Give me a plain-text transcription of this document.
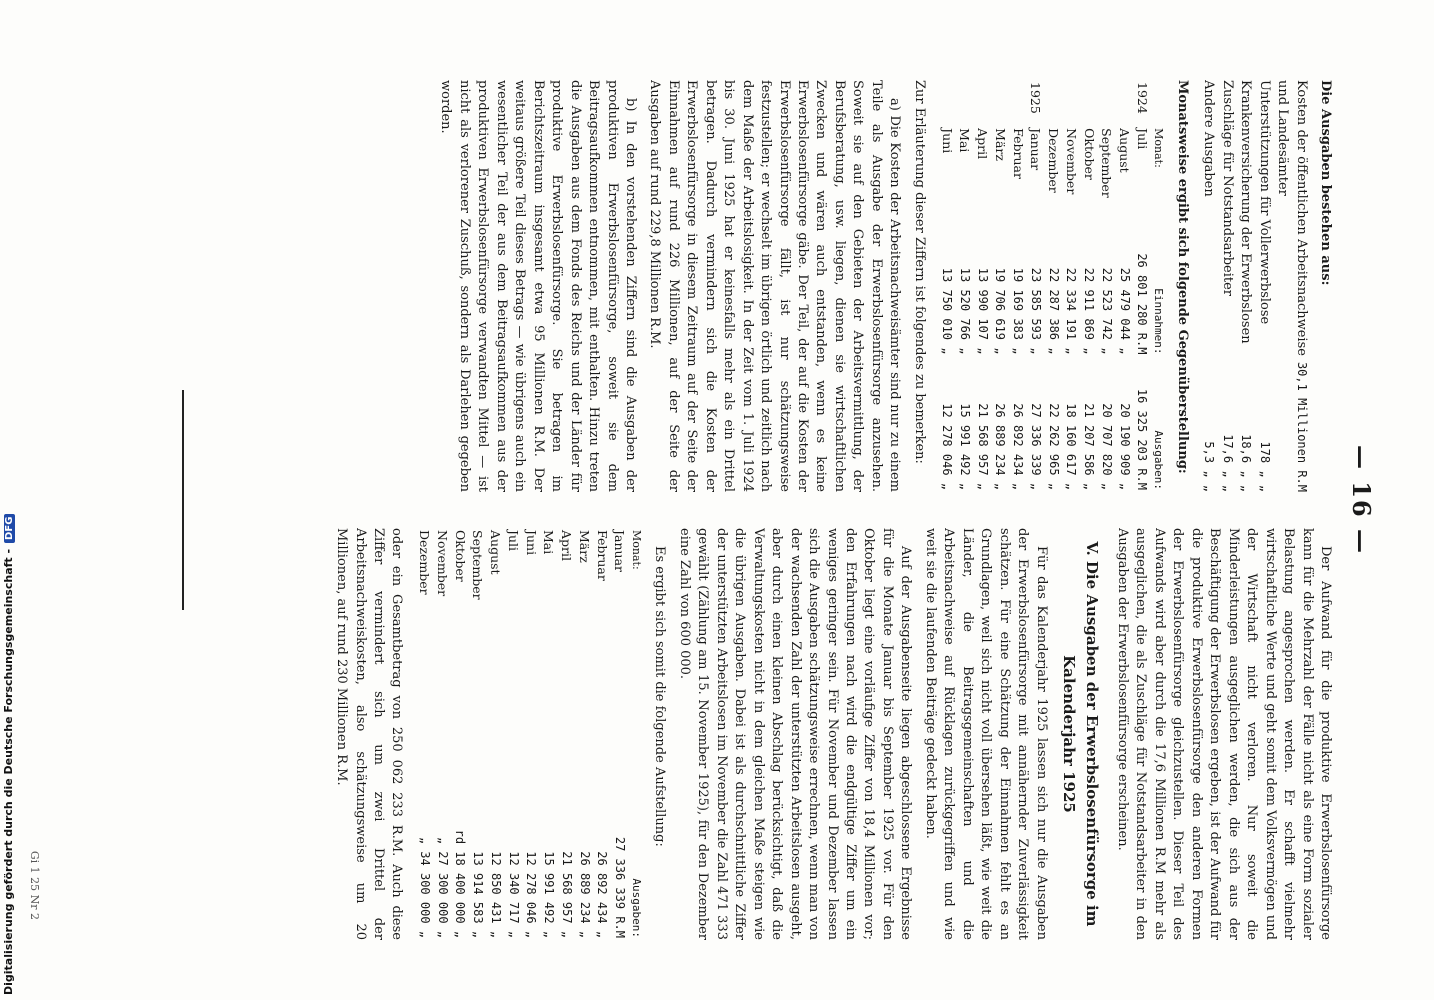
— 16 —

Die Ausgaben bestehen aus:

Kosten der öffentlichen Arbeitsnachweise und Landesämter
30,1 Millionen R.M
Unterstützungen für Vollerwerbslose
178 „ „
Krankenversicherung der Erwerbslosen
18,6 „ „
Zuschläge für Notstandsarbeiter
17,6 „ „
Andere Ausgaben
5,3 „ „

Monatsweise ergibt sich folgende Gegenüberstellung:

	Monat:	Einnahmen:	Ausgaben:
1924	Juli	26 801 280 R.M	16 325 203 R.M
	August	25 479 044 „	20 190 909 „
	September	22 523 742 „	20 707 820 „
	Oktober	22 911 869 „	21 207 586 „
	November	22 334 191 „	18 160 617 „
	Dezember	22 287 386 „	22 262 965 „
1925	Januar	23 585 593 „	27 336 339 „
	Februar	19 169 383 „	26 892 434 „
	März	19 706 619 „	26 889 234 „
	April	13 990 107 „	21 568 957 „
	Mai	13 520 766 „	15 991 492 „
	Juni	13 750 010 „	12 278 046 „

Zur Erläuterung dieser Ziffern ist folgendes zu bemerken:

a) Die Kosten der Arbeitsnachweisämter sind nur zu einem Teile als Ausgabe der Erwerbslosenfürsorge anzusehen. Soweit sie auf den Gebieten der Arbeitsvermittlung, der Berufsberatung, usw. liegen, dienen sie wirtschaftlichen Zwecken und wären auch entstanden, wenn es keine Erwerbslosenfürsorge gäbe. Der Teil, der auf die Kosten der Erwerbslosenfürsorge fällt, ist nur schätzungsweise festzustellen; er wechselt im übrigen örtlich und zeitlich nach dem Maße der Arbeitslosigkeit. In der Zeit vom 1. Juli 1924 bis 30. Juni 1925 hat er keinesfalls mehr als ein Drittel betragen. Dadurch vermindern sich die Kosten der Erwerbslosenfürsorge in diesem Zeitraum auf der Seite der Einnahmen auf rund 226 Millionen, auf der Seite der Ausgaben auf rund 229,8 Millionen R.M.

b) In den vorstehenden Ziffern sind die Ausgaben der produktiven Erwerbslosenfürsorge, soweit sie dem Beitragsaufkommen entnommen, mit enthalten. Hinzu treten die Ausgaben aus dem Fonds des Reichs und der Länder für produktive Erwerbslosenfürsorge. Sie betragen im Berichtszeitraum insgesamt etwa 95 Millionen R.M. Der weitaus größere Teil dieses Betrags — wie übrigens auch ein wesentlicher Teil der aus dem Beitragsaufkommen aus der produktiven Erwerbslosenfürsorge verwandten Mittel — ist nicht als verlorener Zuschuß, sondern als Darlehen gegeben worden.

Der Aufwand für die produktive Erwerbslosenfürsorge kann für die Mehrzahl der Fälle nicht als eine Form sozialer Belastung angesprochen werden. Er schafft vielmehr wirtschaftliche Werte und geht somit dem Volksvermögen und der Wirtschaft nicht verloren. Nur soweit die Minderleistungen ausgeglichen werden, die sich aus der Beschäftigung der Erwerbslosen ergeben, ist der Aufwand für die produktive Erwerbslosenfürsorge den anderen Formen der Erwerbslosenfürsorge gleichzustellen. Dieser Teil des Aufwands wird aber durch die 17,6 Millionen R.M mehr als ausgeglichen, die als Zuschläge für Notstandsarbeiter in den Ausgaben der Erwerbslosenfürsorge erscheinen.

V. Die Ausgaben der Erwerbslosenfürsorge im Kalenderjahr 1925

Für das Kalenderjahr 1925 lassen sich nur die Ausgaben der Erwerbslosenfürsorge mit annähernder Zuverlässigkeit schätzen. Für eine Schätzung der Einnahmen fehlt es an Grundlagen, weil sich nicht voll übersehen läßt, wie weit die Länder, die Beitragsgemeinschaften und die Arbeitsnachweise auf Rücklagen zurückgegriffen und wie weit sie die laufenden Beiträge gedeckt haben.

Auf der Ausgabenseite liegen abgeschlossene Ergebnisse für die Monate Januar bis September 1925 vor. Für den Oktober liegt eine vorläufige Ziffer von 18,4 Millionen vor; den Erfahrungen nach wird die endgültige Ziffer um ein weniges geringer sein. Für November und Dezember lassen sich die Ausgaben schätzungsweise errechnen, wenn man von der wachsenden Zahl der unterstützten Arbeitslosen ausgeht, aber durch einen kleinen Abschlag berücksichtigt, daß die Verwaltungskosten nicht in dem gleichen Maße steigen wie die übrigen Ausgaben. Dabei ist als durchschnittliche Ziffer der unterstützten Arbeitslosen im November die Zahl 471 333 gewählt (Zählung am 15. November 1925), für den Dezember eine Zahl von 600 000.

Es ergibt sich somit die folgende Aufstellung:

Monat:	Ausgaben:
Januar	27 336 339 R.M
Februar	26 892 434 „
März	26 889 234 „
April	21 568 957 „
Mai	15 991 492 „
Juni	12 278 046 „
Juli	12 340 717 „
August	12 850 431 „
September	13 914 583 „
Oktober	rd 18 400 000 „
November	„ 27 300 000 „
Dezember	„ 34 300 000 „

oder ein Gesamtbetrag von 250 062 233 R.M. Auch diese Ziffer vermindert sich um zwei Drittel der Arbeitsnachweiskosten, also schätzungsweise um 20 Millionen, auf rund 230 Millionen R.M.

Gi 1 25 Nr 2
Digitalisierung gefördert durch die Deutsche Forschungsgemeinschaft -DFG
